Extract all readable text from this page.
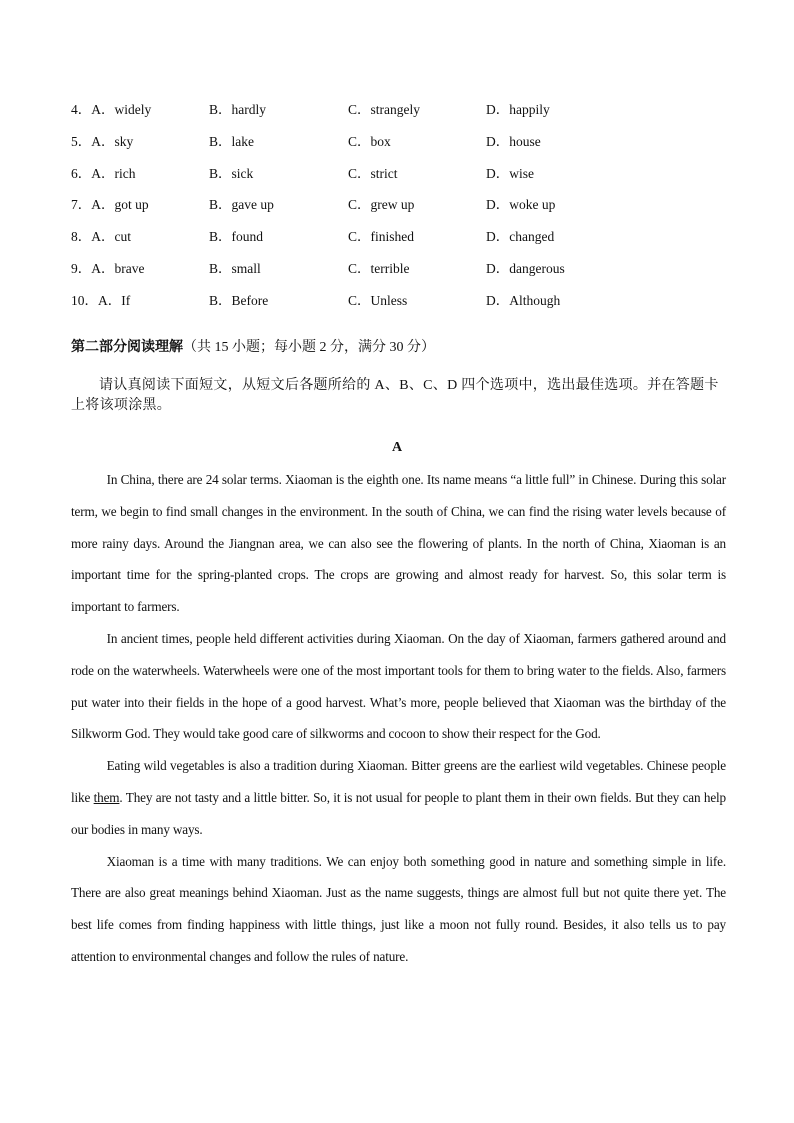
4．A．widely	B．hardly	C．strangely	D．happily
5．A．sky	B．lake	C．box	D．house
6．A．rich	B．sick	C．strict	D．wise
7．A．got up	B．gave up	C．grew up	D．woke up
8．A．cut	B．found	C．finished	D．changed
9．A．brave	B．small	C．terrible	D．dangerous
10．A．If	B．Before	C．Unless	D．Although
第二部分阅读理解（共 15 小题；每小题 2 分，满分 30 分）
请认真阅读下面短文，从短文后各题所给的 A、B、C、D 四个选项中，选出最佳选项。并在答题卡上将该项涂黑。
A

In China, there are 24 solar terms. Xiaoman is the eighth one. Its name means “a little full” in Chinese. During this solar term, we begin to find small changes in the environment. In the south of China, we can find the rising water levels because of more rainy days. Around the Jiangnan area, we can also see the flowering of plants. In the north of China, Xiaoman is an important time for the spring-planted crops. The crops are growing and almost ready for harvest. So, this solar term is important to farmers.

In ancient times, people held different activities during Xiaoman. On the day of Xiaoman, farmers gathered around and rode on the waterwheels. Waterwheels were one of the most important tools for them to bring water to the fields. Also, farmers put water into their fields in the hope of a good harvest. What’s more, people believed that Xiaoman was the birthday of the Silkworm God. They would take good care of silkworms and cocoon to show their respect for the God.

Eating wild vegetables is also a tradition during Xiaoman. Bitter greens are the earliest wild vegetables. Chinese people like them. They are not tasty and a little bitter. So, it is not usual for people to plant them in their own fields. But they can help our bodies in many ways.

Xiaoman is a time with many traditions. We can enjoy both something good in nature and something simple in life. There are also great meanings behind Xiaoman. Just as the name suggests, things are almost full but not quite there yet. The best life comes from finding happiness with little things, just like a moon not fully round. Besides, it also tells us to pay attention to environmental changes and follow the rules of nature.
